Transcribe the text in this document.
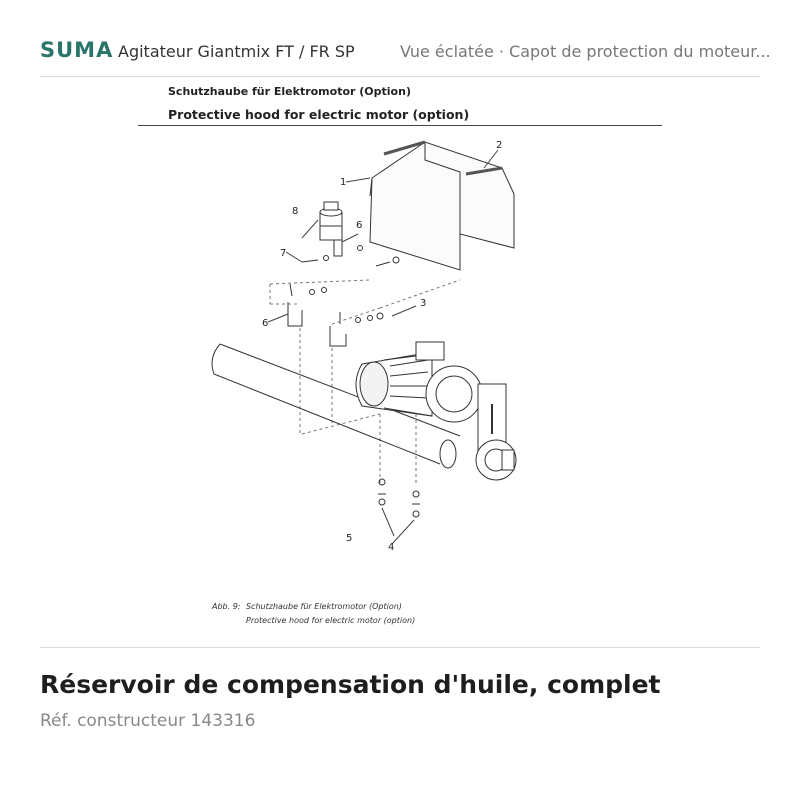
SUMA Agitateur Giantmix FT / FR SP	Vue éclatée · Capot de protection du moteur...
Schutzhaube für Elektromotor (Option)
Protective hood for electric motor (option)
1
2
3
4
5
6
6
7
8
Abb. 9: Schutzhaube für Elektromotor (Option)
Protective hood for electric motor (option)
Réservoir de compensation d'huile, complet
Réf. constructeur 143316
